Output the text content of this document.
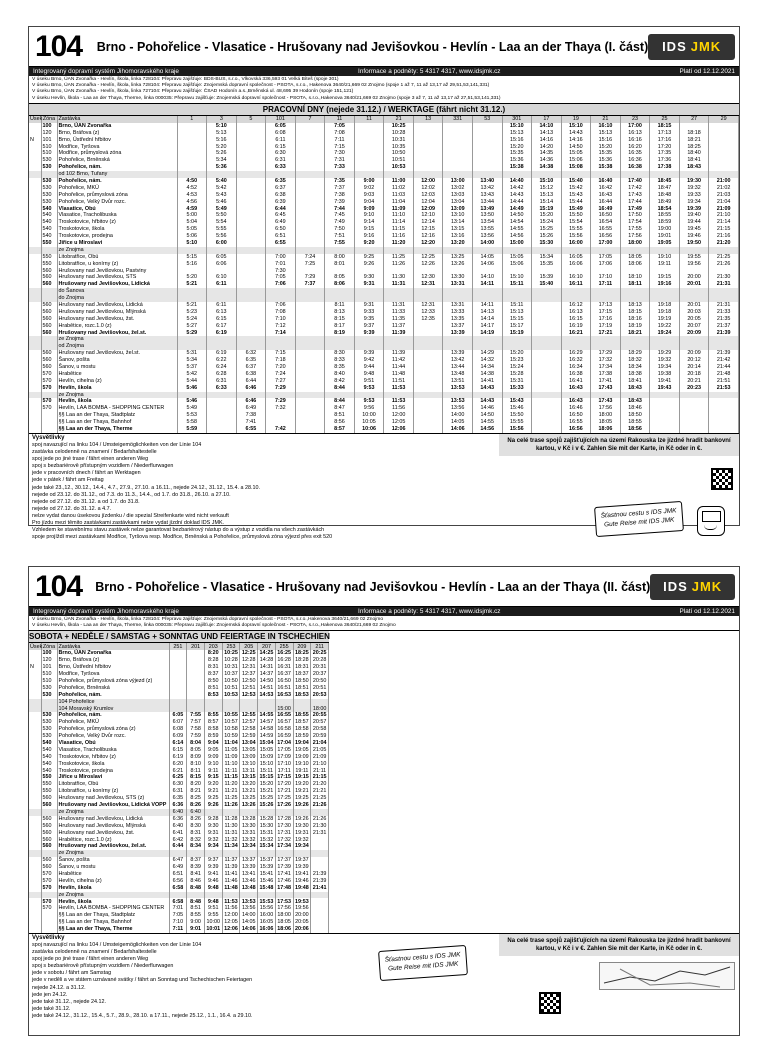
104	Brno - Pohořelice - Vlasatice - Hrušovany nad Jevišovkou - Hevlín - Laa an der Thaya (I. část) IDS JMK
Integrovaný dopravní systém Jihomoravského kraje	Informace a podněty: 5 4317 4317, www.idsjmk.cz	Platí od 12.12.2021
V úseku Brno, ÚAN Zvonařka - Hevlín, škola, linka 728104: Přepravu zajišťuje: BDS-BUS, s.r.o., Vlkovská 336,593 01 Velká Bíteš (spoje 301)
V úseku Brno, ÚAN Zvonařka - Hevlín, škola, linka 728104: Přepravu zajišťuje: Znojemská dopravní společnost - PSOTA, s.r.o., Hakenova 3640/21,669 02 Znojmo (spoje 1 až 7, 11 až 13,17 až 29,51,53,141,331)
V úseku Brno, ÚAN Zvonařka - Hevlín, škola, linka 727104: Přepravu zajišťuje: ČSAD Hodonín a.s.,Brněnská ul. 48,695 39 Hodonín (spoje 151,121)
V úseku Hevlín, škola - Laa an der Thaya, Therme, linka 000035: Přepravu zajišťuje: Znojemská dopravní společnost - PSOTA, s.r.o.,Hakenova 3640/21,669 02 Znojmo (spoje 3 až 7, 11 až 13,17 až 27,51,53,141,331)
PRACOVNÍ DNY (nejede 31.12.) / WERKTAGE (fährt nicht 31.12.)
Úsek	Zóna	Zastávka	1	3	5	101	7	11	11	21	13	331	53	301	17	19	21	23	25	27	29
	100	Brno, ÚAN Zvonařka		5:10		6:05		7:05		10:25				15:10	14:10	15:10	16:10	17:00	18:15		
	120	Brno, Bráfova (z)		5:13		6:08		7:08		10:28				15:13	14:13	14:43	15:13	16:13	17:13	18:18	
N	101	Brno, Ústřední hřbitov		5:16		6:11		7:11		10:31				15:16	14:16	14:16	15:16	16:16	17:16	18:21	
	510	Modřice, Tyršova		5:20		6:15		7:15		10:35				15:20	14:20	14:50	15:20	16:20	17:20	18:25	
	510	Modřice, průmyslová zóna		5:26		6:30		7:30		10:50				15:35	14:35	15:05	15:35	16:35	17:35	18:40	
	530	Pohořelice, Brněnská		5:34		6:31		7:31		10:51				15:36	14:36	15:06	15:36	16:36	17:36	18:41	
	530	Pohořelice, nám.		5:36		6:33		7:33		10:53				15:38	14:38	15:08	15:38	16:38	17:38	18:43	
		od 102 Brno, Tuřany																			
	530	Pohořelice, nám.	4:50	5:40		6:35		7:35	9:00	11:00	12:00	13:00	13:40	14:40	15:10	15:40	16:40	17:40	18:45	19:30	21:00
	530	Pohořelice, MKÚ	4:52	5:42		6:37		7:37	9:02	11:02	12:02	13:02	13:42	14:42	15:12	15:42	16:42	17:42	18:47	19:32	21:02
	530	Pohořelice, průmyslová zóna	4:53	5:43		6:38		7:38	9:03	11:03	12:03	13:03	13:43	14:43	15:13	15:43	16:43	17:43	18:48	19:33	21:03
	530	Pohořelice, Velký Dvůr rozc.	4:56	5:46		6:39		7:39	9:04	11:04	12:04	13:04	13:44	14:44	15:14	15:44	16:44	17:44	18:49	19:34	21:04
	540	Vlasatice, Obú	4:59	5:49		6:44		7:44	9:09	11:09	12:09	13:09	13:49	14:49	15:19	15:49	16:49	17:49	18:54	19:39	21:09
	540	Vlasatice, Tracholibuska	5:00	5:50		6:45		7:45	9:10	11:10	12:10	13:10	13:50	14:50	15:20	15:50	16:50	17:50	18:55	19:40	21:10
	540	Troskotovice, hřbitov (z)	5:04	5:54		6:49		7:49	9:14	11:14	12:14	13:14	13:54	14:54	15:24	15:54	16:54	17:54	18:59	19:44	21:14
	540	Troskotovice, škola	5:05	5:55		6:50		7:50	9:15	11:15	12:15	13:15	13:55	14:55	15:25	15:55	16:55	17:55	19:00	19:45	21:15
	540	Troskotovice, prodejna	5:06	5:56		6:51		7:51	9:16	11:16	12:16	13:16	13:56	14:56	15:26	15:56	16:56	17:56	19:01	19:46	21:16
	550	Jiřice u Miroslavi	5:10	6:00		6:55		7:55	9:20	11:20	12:20	13:20	14:00	15:00	15:30	16:00	17:00	18:00	19:05	19:50	21:20
		ze Znojma																			
	550	Litobratřice, Obú	5:15	6:05		7:00	7:24	8:00	9:25	11:25	12:25	13:25	14:05	15:05	15:34	16:05	17:05	18:05	19:10	19:55	21:25
	550	Litobratřice, u konírny (z)	5:16	6:06		7:01	7:25	8:01	9:26	11:26	12:26	13:26	14:06	15:06	15:35	16:06	17:06	18:06	19:11	19:56	21:26
	560	Hrušovany nad Jevišovkou, Pastviny				7:30															
	560	Hrušovany nad Jevišovkou, STS	5:20	6:10		7:05	7:29	8:05	9:30	11:30	12:30	13:30	14:10	15:10	15:39	16:10	17:10	18:10	19:15	20:00	21:30
	560	Hrušovany nad Jevišovkou, Lidická	5:21	6:11		7:06	7:37	8:06	9:31	11:31	12:31	13:31	14:11	15:11	15:40	16:11	17:11	18:11	19:16	20:01	21:31
		do Šanova																			
		do Znojma																			
	560	Hrušovany nad Jevišovkou, Lidická	5:21	6:11		7:06		8:11	9:31	11:31	12:31	13:31	14:11	15:11		16:12	17:13	18:13	19:18	20:01	21:31
	560	Hrušovany nad Jevišovkou, Mlýnská	5:23	6:13		7:08		8:13	9:33	11:33	12:33	13:33	14:13	15:13		16:13	17:15	18:15	19:18	20:03	21:33
	560	Hrušovany nad Jevišovkou, žst.	5:24	6:15		7:10		8:15	9:35	11:35	12:35	13:35	14:14	15:15		16:15	17:16	18:16	19:19	20:05	21:35
	560	Hrabětice, rozc.1.0 (z)	5:27	6:17		7:12		8:17	9:37	11:37		13:37	14:17	15:17		16:19	17:19	18:19	19:22	20:07	21:37
	560	Hrušovany nad Jevišovkou, žel.st.	5:29	6:19		7:14		8:19	9:39	11:39		13:39	14:19	15:19		16:21	17:21	18:21	19:24	20:09	21:39
		ze Znojma																			
		od Znojma																			
	560	Hrušovany nad Jevišovkou, žel.st.	5:31	6:19	6:32	7:15		8:30	9:39	11:39		13:39	14:29	15:20		16:29	17:29	18:29	19:29	20:09	21:39
	560	Šanov, pošta	5:34	6:22	6:35	7:18		8:33	9:42	11:42		13:42	14:32	15:23		16:32	17:32	18:32	19:32	20:12	21:42
	560	Šanov, u mostu	5:37	6:24	6:37	7:20		8:35	9:44	11:44		13:44	14:34	15:24		16:34	17:34	18:34	19:34	20:14	21:44
	570	Hrabětice	5:42	6:28	6:38	7:24		8:40	9:48	11:48		13:48	14:38	15:28		16:38	17:38	18:38	19:38	20:18	21:48
	570	Hevlín, cihelna (z)	5:44	6:31	6:44	7:27		8:42	9:51	11:51		13:51	14:41	15:31		16:41	17:41	18:41	19:41	20:21	21:51
	570	Hevlín, škola	5:46	6:33	6:46	7:29		8:44	9:53	11:53		13:53	14:43	15:33		16:43	17:43	18:43	19:43	20:23	21:53
		ze Znojma																			
	570	Hevlín, škola	5:46		6:46	7:29		8:44	9:53	11:53		13:53	14:43	15:43		16:43	17:43	18:43			
	570	Hevlín, LAA BOMBA - SHOPPING CENTER	5:49		6:49	7:32		8:47	9:56	11:56		13:56	14:46	15:46		16:46	17:56	18:46			
		§§ Laa an der Thaya, Stadtplatz	5:53		7:38			8:51	10:00	12:00		14:00	14:50	15:50		16:50	18:00	18:50			
		§§ Laa an der Thaya, Bahnhof	5:58		7:41			8:56	10:05	12:05		14:05	14:55	15:55		16:55	18:05	18:55			
		§§ Laa an der Thaya, Therme	5:59		6:55	7:42		8:57	10:06	12:06		14:06	14:56	15:56		16:56	18:06	18:56			
Vysvětlivky
spoj navazující na linku 104 / Umsteigemöglichkeiten von der Linie 104
zastávka celodenně na znamení / Bedarfshaltestelle
spoj jede po jiné trase / fährt einen anderen Weg
spoj s bezbariérově přístupným vozidlem / Niederflurwagen
jede v pracovních dnech / fährt an Werktagen
jede v pátek / fährt am Freitag
jede také 23.,12., 30.12., 14.4., 4.7., 27.9., 27.10. a 16.11., nejede 24.12., 31.12., 15.4. a 28.10.
nejede od 23.12. do 31.12., od 7.3. do 11.3., 14.4., od 1.7. do 31.8., 26.10. a 27.10.
nejede od 27.12. do 31.12. a od 1.7. do 31.8.
nejede od 27.12. do 31.12. a 4.7.
nelze vydat danou úsekovou jízdenku / die spezial Streifenkarte wird nicht verkauft
Pro jízdu mezi těmito zastávkami zastávkami nelze vydat jízdní doklad IDS JMK.
Vzhledem ke stavebnímu stavu zastávek nelze garantovat bezbariérový nástup do a výstup z vozidla na všech zastávkách
spoje projíždí mezi zastávkami Modřice, Tyršova resp. Modřice, Brněnská a Pohořelice, průmyslová zóna výjezd přes exit 520
Na celé trase spojů zajišťujících na území Rakouska lze jízdné hradit bankovní kartou, v Kč i v €. Zahlen Sie mit der Karte, in Kč oder in €.
Šťastnou cestu s IDS JMK
Gute Reise mit IDS JMK
104	Brno - Pohořelice - Vlasatice - Hrušovany nad Jevišovkou - Hevlín - Laa an der Thaya (II. část) IDS JMK
Integrovaný dopravní systém Jihomoravského kraje	Informace a podněty: 5 4317 4317, www.idsjmk.cz	Platí od 12.12.2021
V úseku Brno, ÚAN Zvonařka - Hevlín, škola, linka 728104: Přepravu zajišťuje: Znojemská dopravní společnost - PSOTA, s.r.o.,Hakenova 3640/21,669 02 Znojmo
V úseku Hevlín, škola - Laa an der Thaya, Therme, linka 000035: Přepravu zajišťuje: Znojemská dopravní společnost - PSOTA, s.r.o.,Hakenova 3640/21,669 02 Znojmo
SOBOTA + NEDĚLE / SAMSTAG + SONNTAG UND FEIERTAGE IN TSCHECHIEN
Úsek	Zóna	Zastávka	251	201	203	253	205	207	255	209	211
	100	Brno, ÚAN Zvonařka			8:20	10:25	12:25	14:25	16:25	18:25	20:25
	120	Brno, Bráfova (z)			8:28	10:28	12:28	14:28	16:28	18:28	20:28
N	101	Brno, Ústřední hřbitov			8:31	10:31	12:31	14:31	16:31	18:31	20:31
	510	Modřice, Tyršova			8:37	10:37	12:37	14:37	16:37	18:37	20:37
	510	Pohořelice, průmyslová zóna výjezd (z)			8:50	10:50	12:50	14:50	16:50	18:50	20:50
	530	Pohořelice, Brněnská			8:51	10:51	12:51	14:51	16:51	18:51	20:51
	530	Pohořelice, nám.			8:53	10:53	12:53	14:53	16:53	18:53	20:53
		104 Pohořelice									
		104 Moravský Krumlov							15:00		18:00
	530	Pohořelice, nám.	6:05	7:55	8:55	10:55	12:55	14:55	16:55	18:55	20:55
	530	Pohořelice, MKÚ	6:07	7:57	8:57	10:57	12:57	14:57	16:57	18:57	20:57
	530	Pohořelice, průmyslová zóna (z)	6:08	7:58	8:58	10:58	12:58	14:58	16:58	18:58	20:58
	530	Pohořelice, Velký Dvůr rozc.	6:09	7:59	8:59	10:59	12:59	14:59	16:59	18:59	20:59
	540	Vlasatice, Obú	6:14	8:04	9:04	11:04	13:04	15:04	17:04	19:04	21:04
	540	Vlasatice, Tracholibuska	6:15	8:05	9:05	11:05	13:05	15:05	17:05	19:05	21:05
	540	Troskotovice, hřbitov (z)	6:19	8:09	9:09	11:09	13:09	15:09	17:09	19:09	21:09
	540	Troskotovice, škola	6:20	8:10	9:10	11:10	13:10	15:10	17:10	19:10	21:10
	540	Troskotovice, prodejna	6:21	8:11	9:11	11:11	13:11	15:11	17:11	19:11	21:11
	550	Jiřice u Miroslavi	6:25	8:15	9:15	11:15	13:15	15:15	17:15	19:15	21:15
	550	Litobratřice, Obú	6:30	8:20	9:20	11:20	13:20	15:20	17:20	19:20	21:20
	550	Litobratřice, u konírny (z)	6:31	8:21	9:21	11:21	13:21	15:21	17:21	19:21	21:21
	560	Hrušovany nad Jevišovkou, STS (z)	6:35	8:25	9:25	11:25	13:25	15:25	17:25	19:25	21:25
	560	Hrušovany nad Jevišovkou, Lidická VOPP	6:36	8:26	9:26	11:26	13:26	15:26	17:26	19:26	21:26
		ze Znojma	6:40	6:40							
	560	Hrušovany nad Jevišovkou, Lidická	6:36	8:26	9:28	11:28	13:28	15:28	17:28	19:26	21:26
	560	Hrušovany nad Jevišovkou, Mlýnská	6:40	8:30	9:30	11:30	13:30	15:30	17:30	19:30	21:30
	560	Hrušovany nad Jevišovkou, žst.	6:41	8:31	9:31	11:31	13:31	15:31	17:31	19:31	21:31
	560	Hrabětice, rozc.1.0 (z)	6:42	8:32	9:32	11:32	13:32	15:32	17:32	19:32	
	560	Hrušovany nad Jevišovkou, žel.st.	6:44	8:34	9:34	11:34	13:34	15:34	17:34	19:34	
		ze Znojma									
	560	Šanov, pošta	6:47	8:37	9:37	11:37	13:37	15:37	17:37	19:37	
	560	Šanov, u mostu	6:49	8:39	9:39	11:39	13:39	15:39	17:39	19:39	
	570	Hrabětice	6:51	8:41	9:41	11:41	13:41	15:41	17:41	19:41	21:39
	570	Hevlín, cihelna (z)	6:56	8:46	9:46	11:46	13:46	15:46	17:46	19:46	21:39
	570	Hevlín, škola	6:58	8:48	9:48	11:48	13:48	15:48	17:48	19:48	21:41
		ze Znojma									
	570	Hevlín, škola	6:58	8:48	9:48	11:53	13:53	15:53	17:53	19:53	
	570	Hevlín, LAA BOMBA - SHOPPING CENTER	7:01	8:51	9:51	11:56	13:56	15:56	17:56	19:56	
		§§ Laa an der Thaya, Stadtplatz	7:05	8:55	9:55	12:00	14:00	16:00	18:00	20:00	
		§§ Laa an der Thaya, Bahnhof	7:10	9:00	10:00	12:05	14:05	16:05	18:05	20:05	
		§§ Laa an der Thaya, Therme	7:11	9:01	10:01	12:06	14:06	16:06	18:06	20:06	
Vysvětlivky
spoj navazující na linku 104 / Umsteigemöglichkeiten von der Linie 104
zastávka celodenně na znamení / Bedarfshaltestelle
spoj jede po jiné trase / fährt einen anderen Weg
spoj s bezbariérově přístupným vozidlem / Niederflurwagen
jede v sobotu / fährt am Samstag
jede v neděli a ve státem uznávané svátky / fährt an Sonntag und Tschechischen Feiertagen
nejede 24.12. a 31.12.
jede jen 24.12.
jede také 31.12., nejede 24.12.
jede také 31.12.
jede také 24.12., 31.12., 15.4., 5.7., 28.9., 28.10. a 17.11., nejede 25.12., 1.1., 16.4. a 29.10.
Na celé trase spojů zajišťujících na území Rakouska lze jízdné hradit bankovní kartou, v Kč i v €. Zahlen Sie mit der Karte, in Kč oder in €.
Šťastnou cestu s IDS JMK
Gute Reise mit IDS JMK
